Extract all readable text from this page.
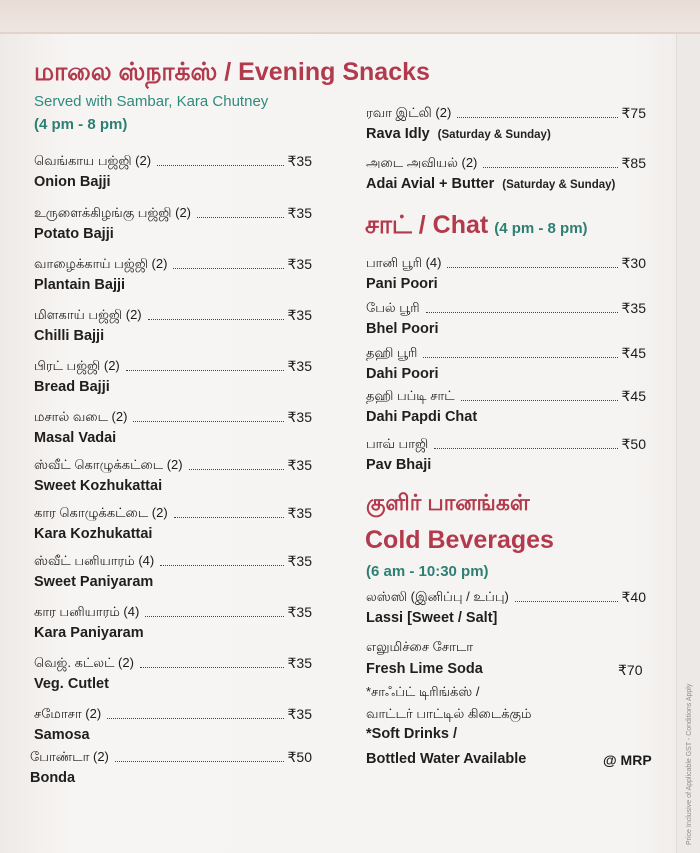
Price Inclusive of Applicable GST - Conditions Apply
மாலை ஸ்நாக்ஸ் / Evening Snacks
Served with Sambar, Kara Chutney
(4 pm - 8 pm)
வெங்காய பஜ்ஜி (2)	₹35
Onion Bajji
உருளைக்கிழங்கு பஜ்ஜி (2)	₹35
Potato Bajji
வாழைக்காய் பஜ்ஜி (2)	₹35
Plantain Bajji
மிளகாய் பஜ்ஜி (2)	₹35
Chilli Bajji
பிரட் பஜ்ஜி (2)	₹35
Bread Bajji
மசால் வடை (2)	₹35
Masal Vadai
ஸ்வீட் கொழுக்கட்டை (2)	₹35
Sweet Kozhukattai
கார கொழுக்கட்டை (2)	₹35
Kara Kozhukattai
ஸ்வீட் பனியாரம் (4)	₹35
Sweet Paniyaram
கார பனியாரம் (4)	₹35
Kara Paniyaram
வெஜ். கட்லட் (2)	₹35
Veg. Cutlet
சமோசா (2)	₹35
Samosa
போண்டா (2)	₹50
Bonda
ரவா இட்லி (2)	₹75
Rava Idly (Saturday & Sunday)
அடை அவியல் (2)	₹85
Adai Avial + Butter (Saturday & Sunday)
சாட் / Chat (4 pm - 8 pm)
பானி பூரி (4)	₹30
Pani Poori
பேல் பூரி	₹35
Bhel Poori
தஹி பூரி	₹45
Dahi Poori
தஹி பப்டி சாட்	₹45
Dahi Papdi Chat
பாவ் பாஜி	₹50
Pav Bhaji
குளிர் பானங்கள்
Cold Beverages
(6 am - 10:30 pm)
லஸ்ஸி (இனிப்பு / உப்பு)	₹40
Lassi [Sweet / Salt]
எலுமிச்சை சோடா
Fresh Lime Soda	₹70
*சாஃப்ட் டிரிங்க்ஸ் /
வாட்டர் பாட்டில் கிடைக்கும்
*Soft Drinks /
Bottled Water Available	@ MRP
